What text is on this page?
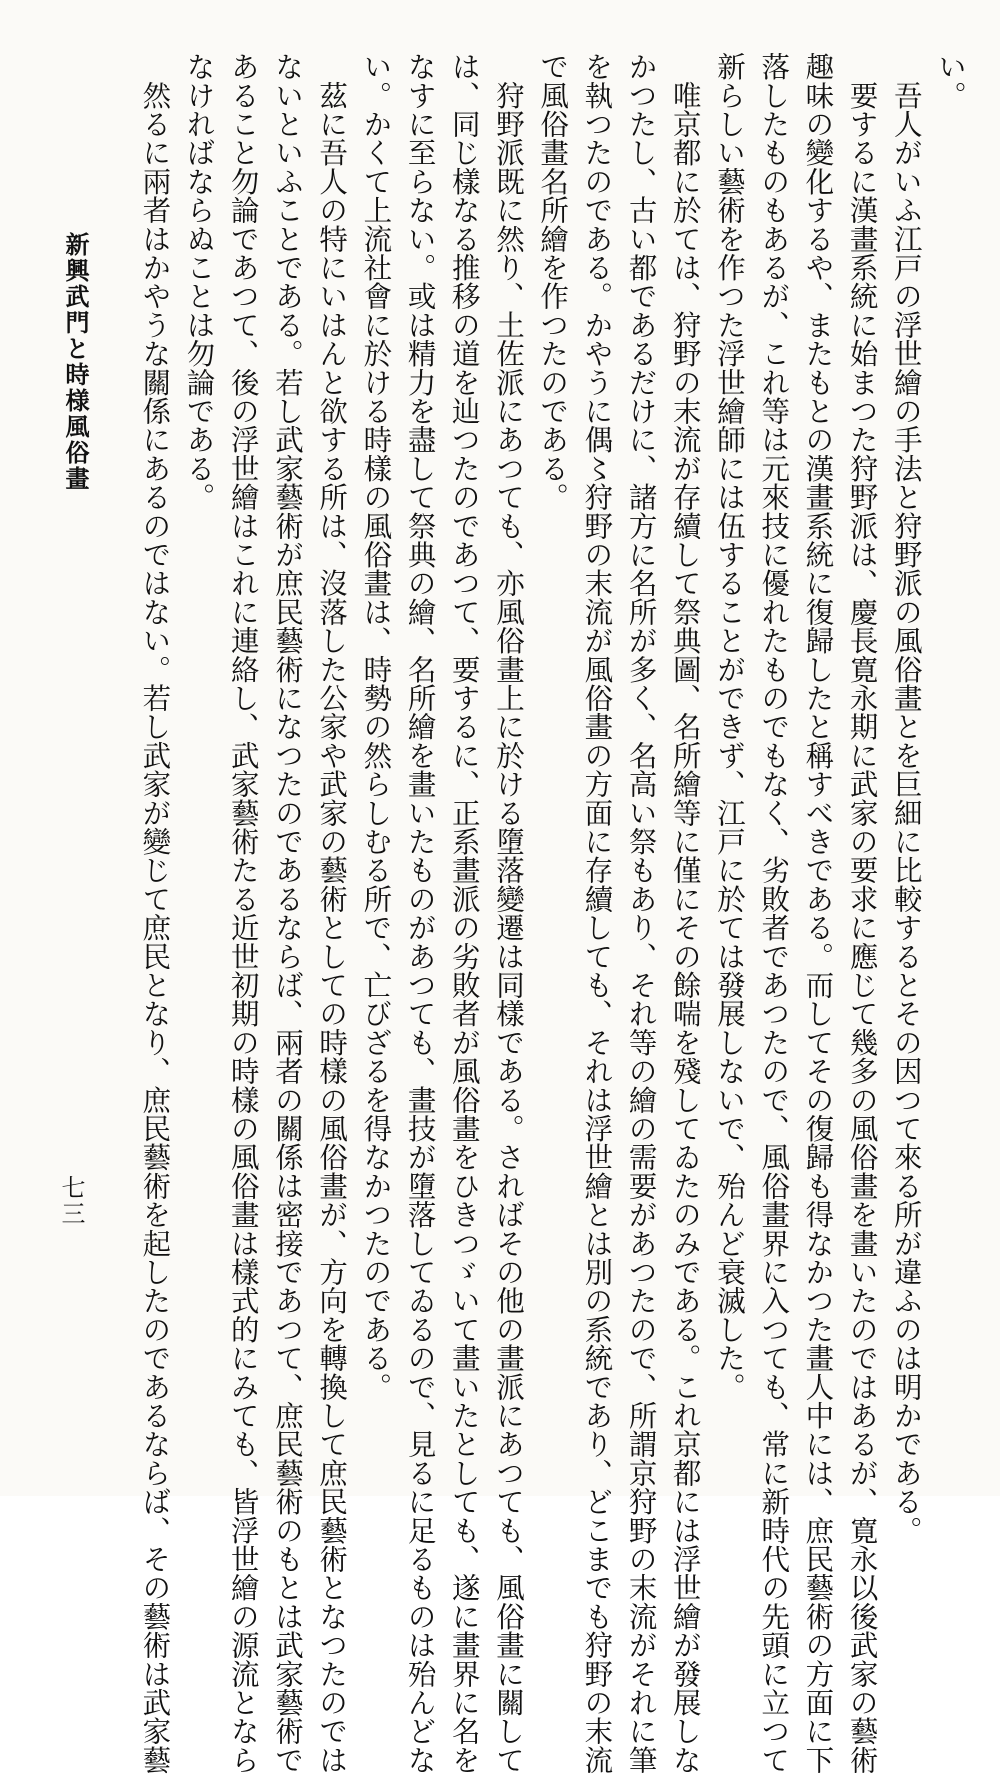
い。
　吾人がいふ江戸の浮世繪の手法と狩野派の風俗畫とを巨細に比較するとその因つて來る所が違ふのは明かである。
　要するに漢畫系統に始まつた狩野派は、慶長寛永期に武家の要求に應じて幾多の風俗畫を畫いたのではあるが、寛永以後武家の藝術
趣味の變化するや、またもとの漢畫系統に復歸したと稱すべきである。而してその復歸も得なかつた畫人中には、庶民藝術の方面に下
落したものもあるが、これ等は元來技に優れたものでもなく、劣敗者であつたので、風俗畫界に入つても、常に新時代の先頭に立つて
新らしい藝術を作つた浮世繪師には伍することができず、江戸に於ては發展しないで、殆んど衰滅した。
　唯京都に於ては、狩野の末流が存續して祭典圖、名所繪等に僅にその餘喘を殘してゐたのみである。これ京都には浮世繪が發展しな
かつたし、古い都であるだけに、諸方に名所が多く、名高い祭もあり、それ等の繪の需要があつたので、所謂京狩野の末流がそれに筆
を執つたのである。かやうに偶〻狩野の末流が風俗畫の方面に存續しても、それは浮世繪とは別の系統であり、どこまでも狩野の末流
で風俗畫名所繪を作つたのである。
　狩野派既に然り、土佐派にあつても、亦風俗畫上に於ける墮落變遷は同樣である。さればその他の畫派にあつても、風俗畫に關して
は、同じ樣なる推移の道を辿つたのであつて、要するに、正系畫派の劣敗者が風俗畫をひきつゞいて畫いたとしても、遂に畫界に名を
なすに至らない。或は精力を盡して祭典の繪、名所繪を畫いたものがあつても、畫技が墮落してゐるので、見るに足るものは殆んどな
い。かくて上流社會に於ける時樣の風俗畫は、時勢の然らしむる所で、亡びざるを得なかつたのである。
　茲に吾人の特にいはんと欲する所は、沒落した公家や武家の藝術としての時樣の風俗畫が、方向を轉換して庶民藝術となつたのでは
ないといふことである。若し武家藝術が庶民藝術になつたのであるならば、兩者の關係は密接であつて、庶民藝術のもとは武家藝術で
あること勿論であつて、後の浮世繪はこれに連絡し、武家藝術たる近世初期の時樣の風俗畫は樣式的にみても、皆浮世繪の源流となら
なければならぬことは勿論である。
　然るに兩者はかやうな關係にあるのではない。若し武家が變じて庶民となり、庶民藝術を起したのであるならば、その藝術は武家藝
新興武門と時様風俗畫
七三
